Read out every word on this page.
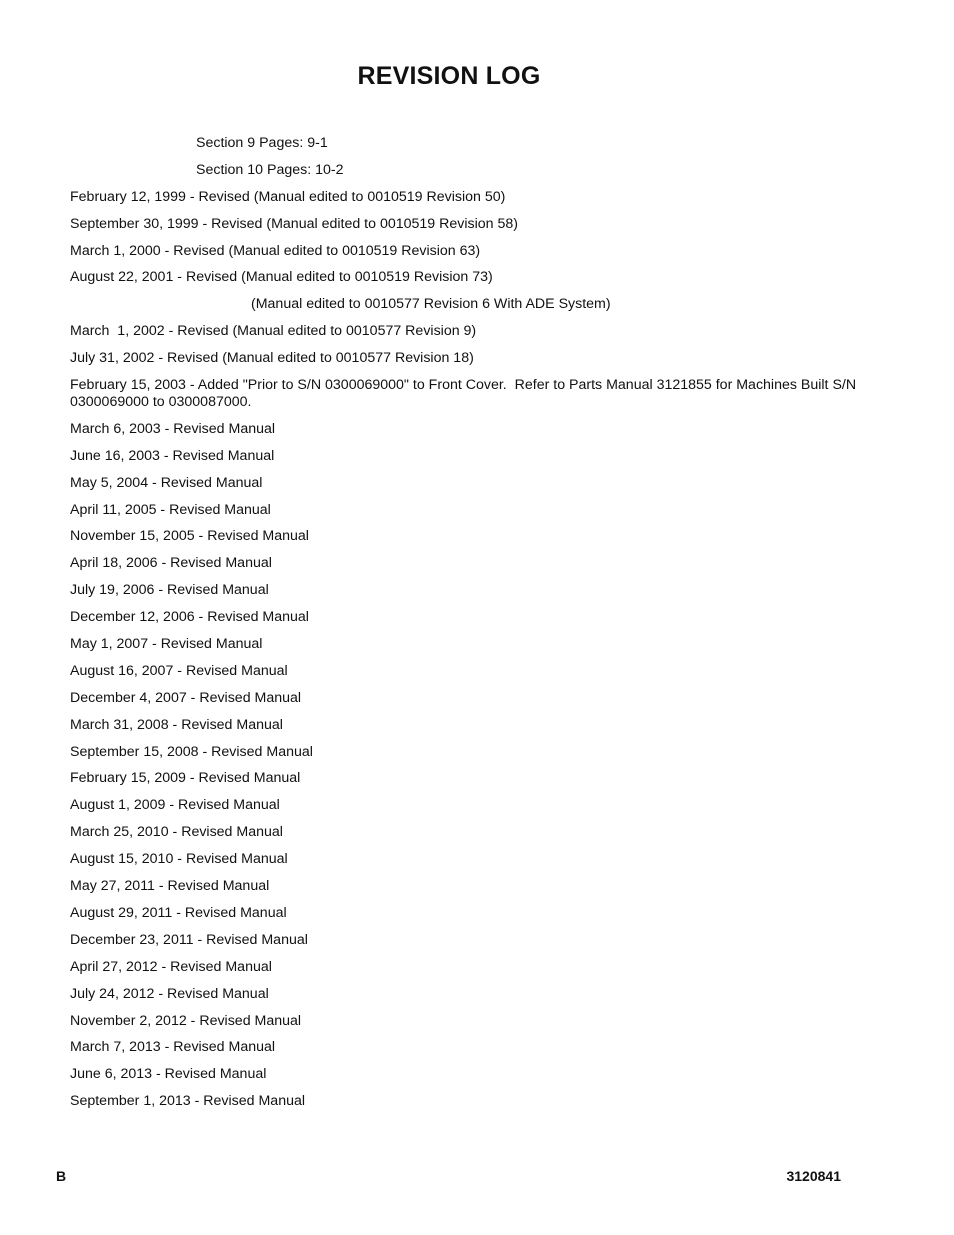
REVISION LOG
Section 9 Pages: 9-1
Section 10 Pages: 10-2
February 12, 1999 - Revised (Manual edited to 0010519 Revision 50)
September 30, 1999 - Revised (Manual edited to 0010519 Revision 58)
March 1, 2000 - Revised (Manual edited to 0010519 Revision 63)
August 22, 2001 - Revised (Manual edited to 0010519 Revision 73)
(Manual edited to 0010577 Revision 6 With ADE System)
March  1, 2002 - Revised (Manual edited to 0010577 Revision 9)
July 31, 2002 - Revised (Manual edited to 0010577 Revision 18)
February 15, 2003 - Added "Prior to S/N 0300069000" to Front Cover.  Refer to Parts Manual 3121855 for Machines Built S/N 0300069000 to 0300087000.
March 6, 2003 - Revised Manual
June 16, 2003 - Revised Manual
May 5, 2004 - Revised Manual
April 11, 2005 - Revised Manual
November 15, 2005 - Revised Manual
April 18, 2006 - Revised Manual
July 19, 2006 - Revised Manual
December 12, 2006 - Revised Manual
May 1, 2007 - Revised Manual
August 16, 2007 - Revised Manual
December 4, 2007 - Revised Manual
March 31, 2008 - Revised Manual
September 15, 2008 - Revised Manual
February 15, 2009 - Revised Manual
August 1, 2009 - Revised Manual
March 25, 2010 - Revised Manual
August 15, 2010 - Revised Manual
May 27, 2011 - Revised Manual
August 29, 2011 - Revised Manual
December 23, 2011 - Revised Manual
April 27, 2012 - Revised Manual
July 24, 2012 - Revised Manual
November 2, 2012 - Revised Manual
March 7, 2013 - Revised Manual
June 6, 2013 - Revised Manual
September 1, 2013 - Revised Manual
B	3120841
